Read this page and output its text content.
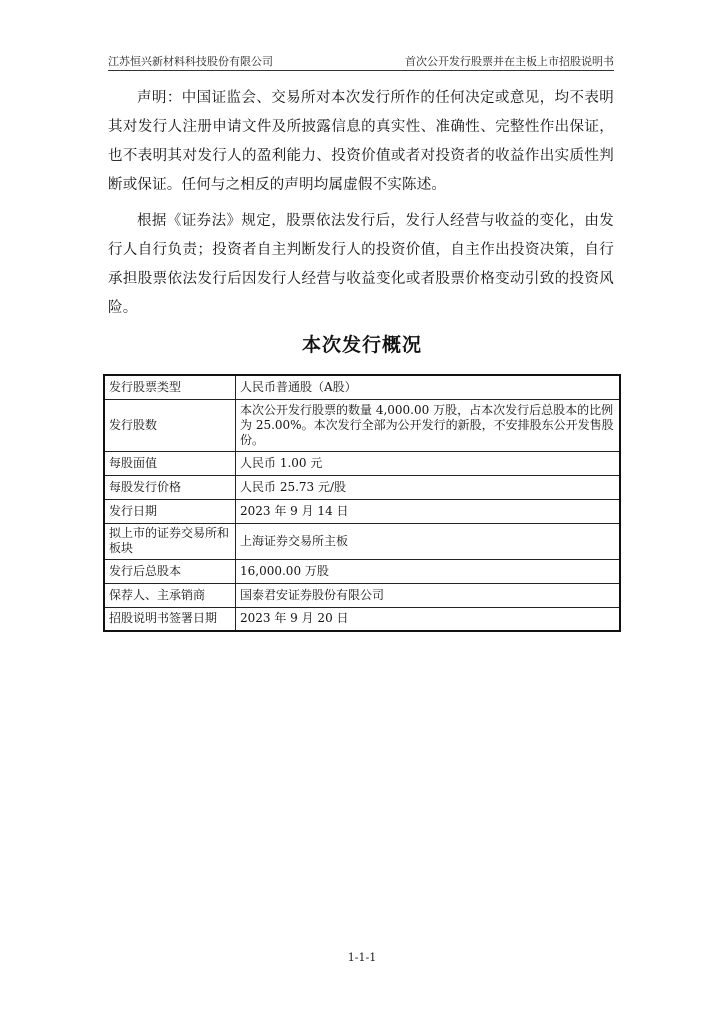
江苏恒兴新材料科技股份有限公司	首次公开发行股票并在主板上市招股说明书

声明：中国证监会、交易所对本次发行所作的任何决定或意见，均不表明其对发行人注册申请文件及所披露信息的真实性、准确性、完整性作出保证，也不表明其对发行人的盈利能力、投资价值或者对投资者的收益作出实质性判断或保证。任何与之相反的声明均属虚假不实陈述。

根据《证券法》规定，股票依法发行后，发行人经营与收益的变化，由发行人自行负责；投资者自主判断发行人的投资价值，自主作出投资决策，自行承担股票依法发行后因发行人经营与收益变化或者股票价格变动引致的投资风险。

本次发行概况
发行股票类型	人民币普通股（A股）
发行股数	本次公开发行股票的数量 4,000.00 万股，占本次发行后总股本的比例为 25.00%。本次发行全部为公开发行的新股，不安排股东公开发售股份。
每股面值	人民币 1.00 元
每股发行价格	人民币 25.73 元/股
发行日期	2023 年 9 月 14 日
拟上市的证券交易所和板块	上海证券交易所主板
发行后总股本	16,000.00 万股
保荐人、主承销商	国泰君安证券股份有限公司
招股说明书签署日期	2023 年 9 月 20 日
1-1-1
